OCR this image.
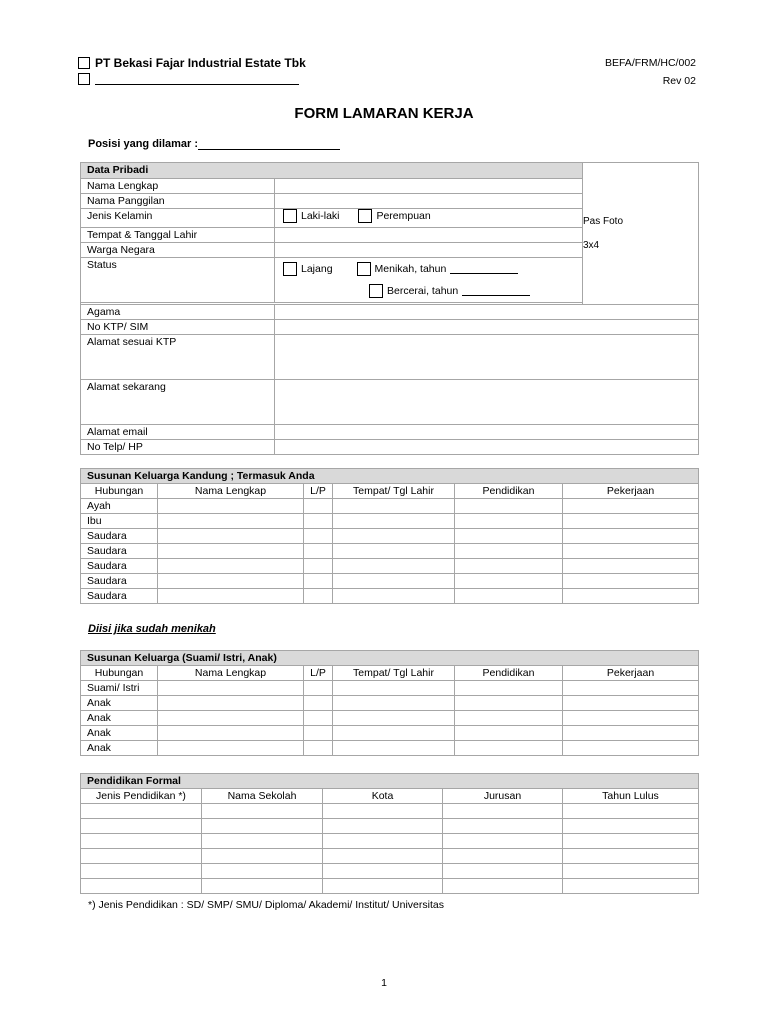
PT Bekasi Fajar Industrial Estate Tbk	BEFA/FRM/HC/002
Rev 02
FORM LAMARAN KERJA
Posisi yang dilamar :
Data Pribadi		Pas Foto
3x4

Nama Lengkap		
Nama Panggilan		
Jenis Kelamin	Laki-laki
Perempuan	

Tempat & Tanggal Lahir		
Warga Negara		
Status	Lajang Menikah, tahun
Bercerai, tahun	

Agama		
No KTP/ SIM		
Alamat sesuai KTP		
Alamat sekarang		
Alamat email		
No Telp/ HP		
Susunan Keluarga Kandung ; Termasuk Anda					
Hubungan	Nama Lengkap	L/P	Tempat/ Tgl Lahir	Pendidikan	Pekerjaan
Ayah					
Ibu					
Saudara					
Saudara					
Saudara					
Saudara					
Saudara					
Diisi jika sudah menikah
Susunan Keluarga (Suami/ Istri, Anak)					
Hubungan	Nama Lengkap	L/P	Tempat/ Tgl Lahir	Pendidikan	Pekerjaan
Suami/ Istri					
Anak					
Anak					
Anak					
Anak					
Pendidikan Formal				
Jenis Pendidikan *)	Nama Sekolah	Kota	Jurusan	Tahun Lulus

*) Jenis Pendidikan : SD/ SMP/ SMU/ Diploma/ Akademi/ Institut/ Universitas
1
